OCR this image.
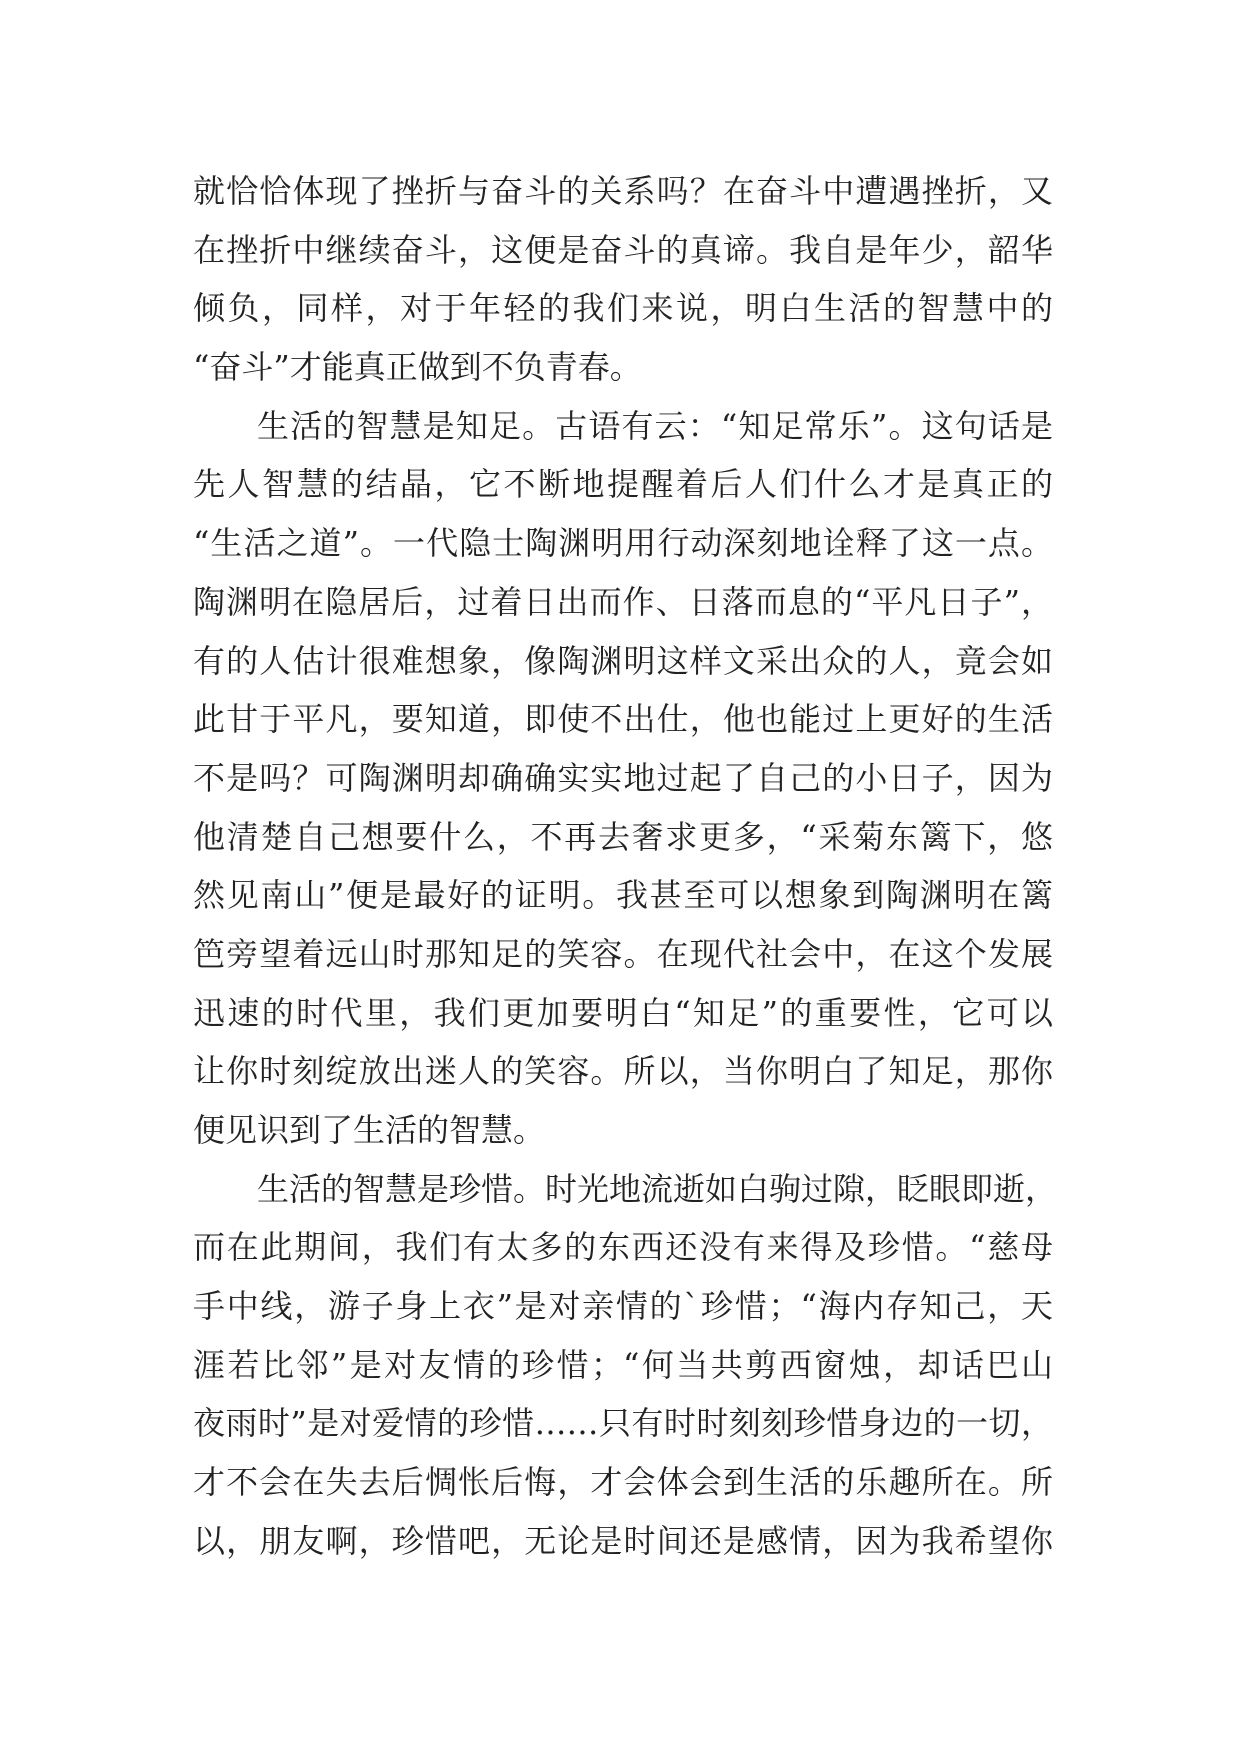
就恰恰体现了挫折与奋斗的关系吗？在奋斗中遭遇挫折，又
在挫折中继续奋斗，这便是奋斗的真谛。我自是年少，韶华
倾负，同样，对于年轻的我们来说，明白生活的智慧中的
“奋斗”才能真正做到不负青春。
生活的智慧是知足。古语有云：“知足常乐”。这句话是
先人智慧的结晶，它不断地提醒着后人们什么才是真正的
“生活之道”。一代隐士陶渊明用行动深刻地诠释了这一点。
陶渊明在隐居后，过着日出而作、日落而息的“平凡日子”，
有的人估计很难想象，像陶渊明这样文采出众的人，竟会如
此甘于平凡，要知道，即使不出仕，他也能过上更好的生活
不是吗？可陶渊明却确确实实地过起了自己的小日子，因为
他清楚自己想要什么，不再去奢求更多，“采菊东篱下，悠
然见南山”便是最好的证明。我甚至可以想象到陶渊明在篱
笆旁望着远山时那知足的笑容。在现代社会中，在这个发展
迅速的时代里，我们更加要明白“知足”的重要性，它可以
让你时刻绽放出迷人的笑容。所以，当你明白了知足，那你
便见识到了生活的智慧。
生活的智慧是珍惜。时光地流逝如白驹过隙，眨眼即逝，
而在此期间，我们有太多的东西还没有来得及珍惜。“慈母
手中线，游子身上衣”是对亲情的`珍惜；“海内存知己，天
涯若比邻”是对友情的珍惜；“何当共剪西窗烛，却话巴山
夜雨时”是对爱情的珍惜……只有时时刻刻珍惜身边的一切，
才不会在失去后惆怅后悔，才会体会到生活的乐趣所在。所
以，朋友啊，珍惜吧，无论是时间还是感情，因为我希望你
